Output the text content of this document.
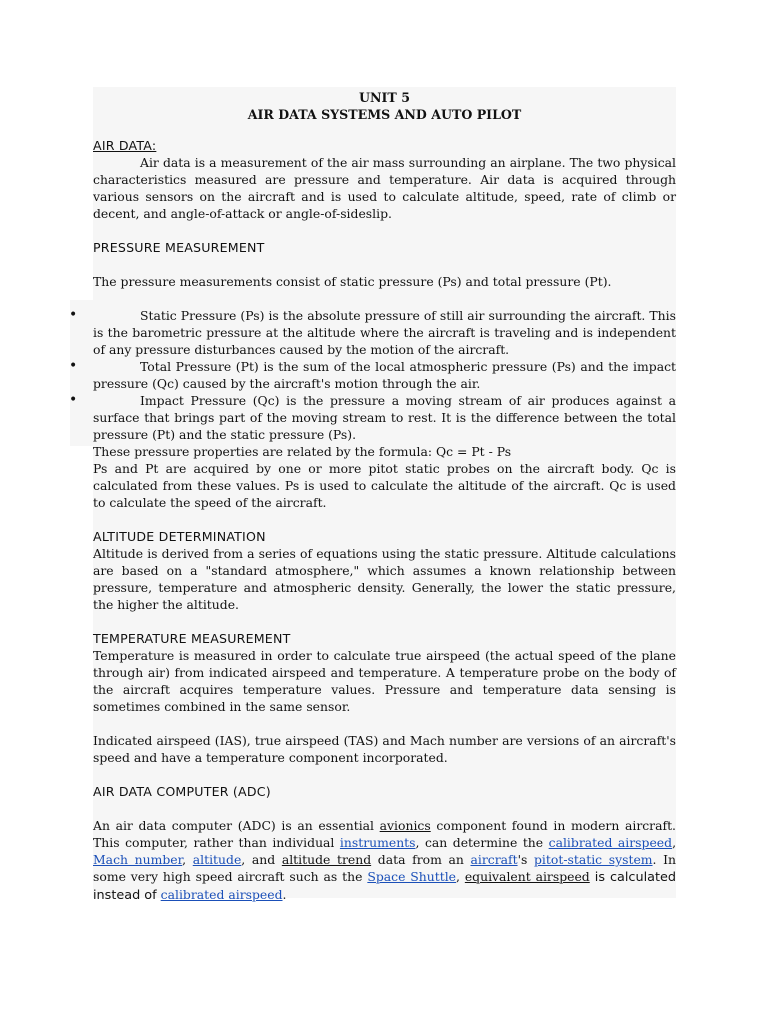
UNIT 5
AIR DATA SYSTEMS AND AUTO PILOT
AIR DATA:
Air data is a measurement of the air mass surrounding an airplane. The two physical characteristics measured are pressure and temperature. Air data is acquired through various sensors on the aircraft and is used to calculate altitude, speed, rate of climb or decent, and angle-of-attack or angle-of-sideslip.
PRESSURE MEASUREMENT
The pressure measurements consist of static pressure (Ps) and total pressure (Pt).
•	Static Pressure (Ps) is the absolute pressure of still air surrounding the aircraft. This is the barometric pressure at the altitude where the aircraft is traveling and is independent of any pressure disturbances caused by the motion of the aircraft.
•	Total Pressure (Pt) is the sum of the local atmospheric pressure (Ps) and the impact pressure (Qc) caused by the aircraft's motion through the air.
•	Impact Pressure (Qc) is the pressure a moving stream of air produces against a surface that brings part of the moving stream to rest. It is the difference between the total pressure (Pt) and the static pressure (Ps).
These pressure properties are related by the formula: Qc = Pt - Ps
Ps and Pt are acquired by one or more pitot static probes on the aircraft body. Qc is calculated from these values. Ps is used to calculate the altitude of the aircraft. Qc is used to calculate the speed of the aircraft.
ALTITUDE DETERMINATION
Altitude is derived from a series of equations using the static pressure. Altitude calculations are based on a "standard atmosphere," which assumes a known relationship between pressure, temperature and atmospheric density. Generally, the lower the static pressure, the higher the altitude.
TEMPERATURE MEASUREMENT
Temperature is measured in order to calculate true airspeed (the actual speed of the plane through air) from indicated airspeed and temperature. A temperature probe on the body of the aircraft acquires temperature values. Pressure and temperature data sensing is sometimes combined in the same sensor.
Indicated airspeed (IAS), true airspeed (TAS) and Mach number are versions of an aircraft's speed and have a temperature component incorporated.
AIR DATA COMPUTER (ADC)
An air data computer (ADC) is an essential avionics component found in modern aircraft. This computer, rather than individual instruments, can determine the calibrated airspeed, Mach number, altitude, and altitude trend data from an aircraft's pitot-static system. In some very high speed aircraft such as the Space Shuttle, equivalent airspeed is calculated instead of calibrated airspeed.
